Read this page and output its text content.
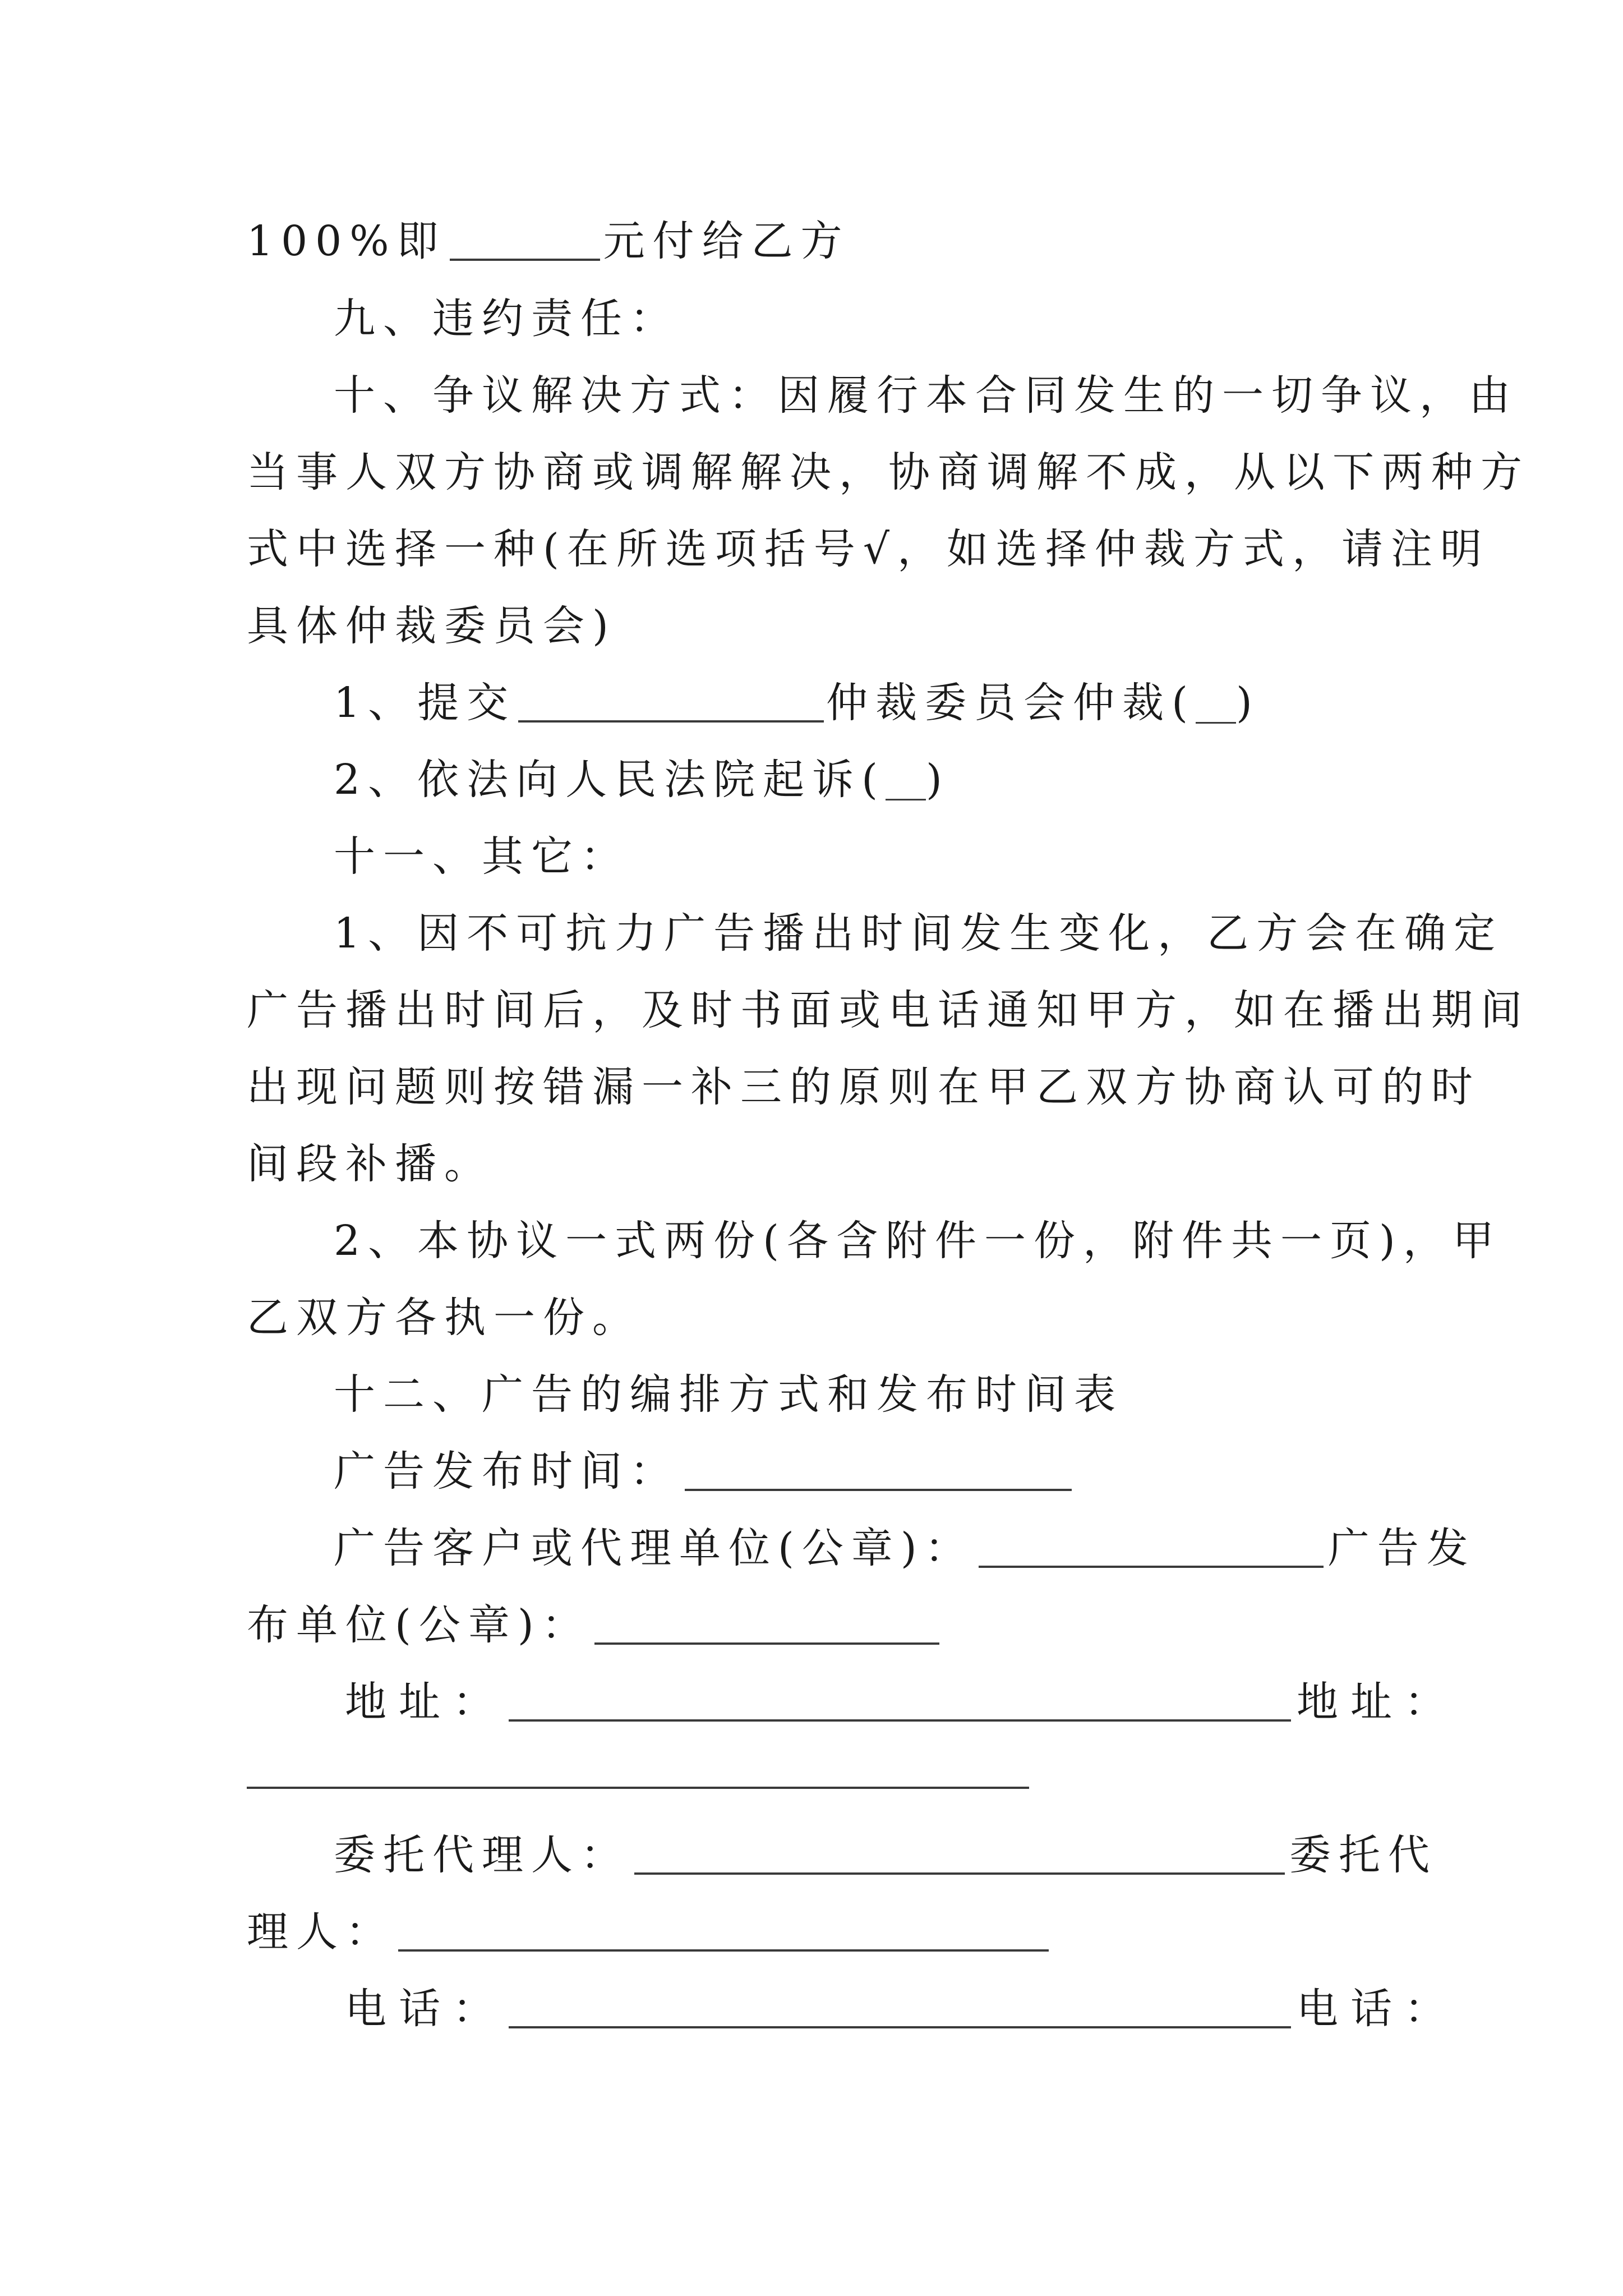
100%即	元付给乙方
九、违约责任：
十、争议解决方式：因履行本合同发生的一切争议，由
当事人双方协商或调解解决，协商调解不成，从以下两种方
式中选择一种(在所选项括号√，如选择仲裁方式，请注明
具体仲裁委员会)
1、提交	仲裁委员会仲裁( )
2、依法向人民法院起诉( )
十一、其它：
1、因不可抗力广告播出时间发生变化，乙方会在确定
广告播出时间后，及时书面或电话通知甲方，如在播出期间
出现问题则按错漏一补三的原则在甲乙双方协商认可的时
间段补播。
2、本协议一式两份(各含附件一份，附件共一页)，甲
乙双方各执一份。
十二、广告的编排方式和发布时间表
广告发布时间：
广告客户或代理单位(公章)：	广告发
布单位(公章)：
地址：	地址：
委托代理人：	委托代
理人：
电话：	电话：
